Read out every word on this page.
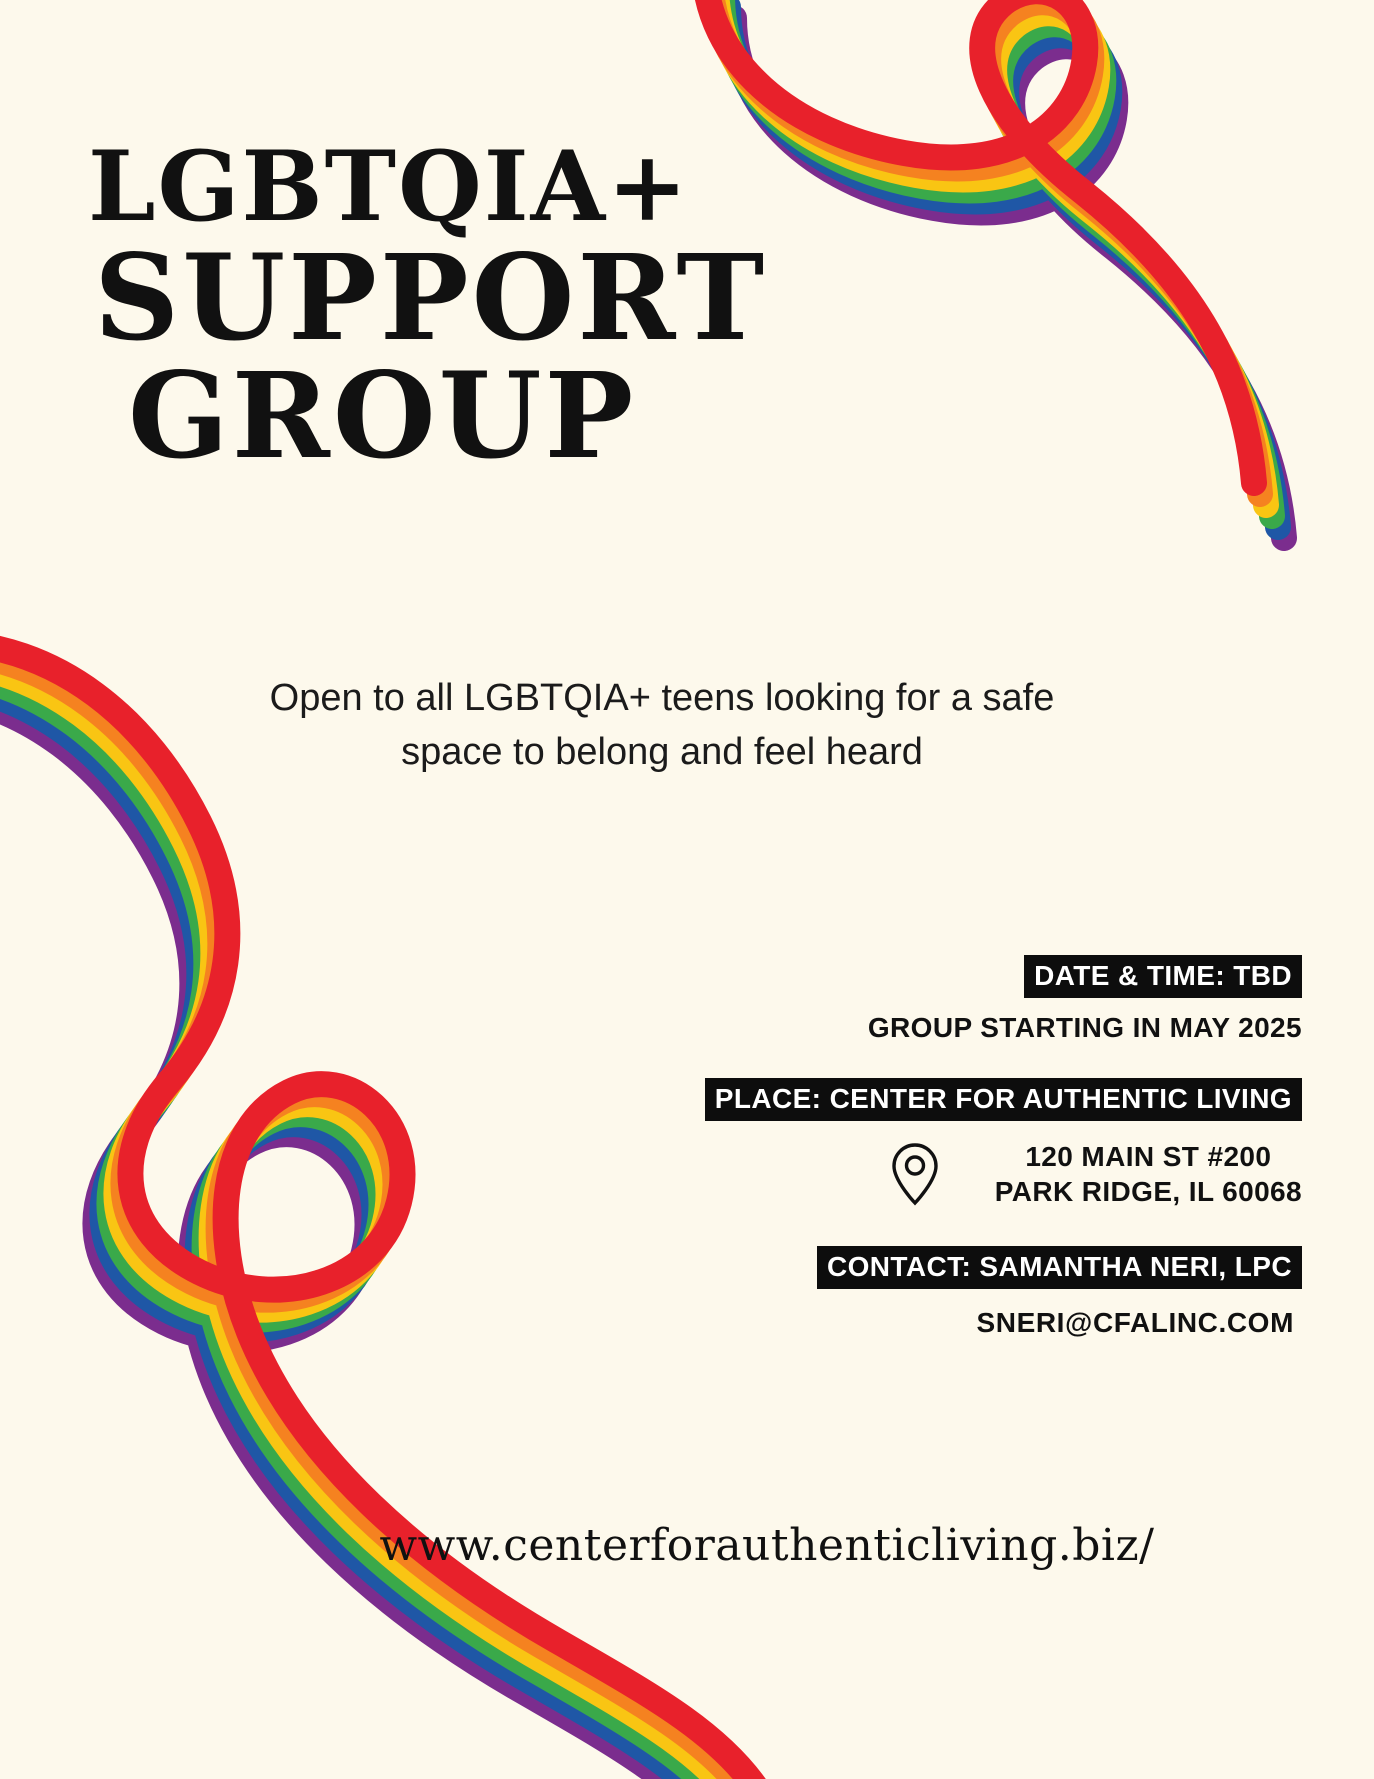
LGBTQIA+
SUPPORT
GROUP
Open to all LGBTQIA+ teens looking for a safe space to belong and feel heard
DATE & TIME: TBD
GROUP STARTING IN MAY 2025
PLACE: CENTER FOR AUTHENTIC LIVING
120 MAIN ST #200
PARK RIDGE, IL 60068
CONTACT: SAMANTHA NERI, LPC
SNERI@CFALINC.COM
www.centerforauthenticliving.biz/
